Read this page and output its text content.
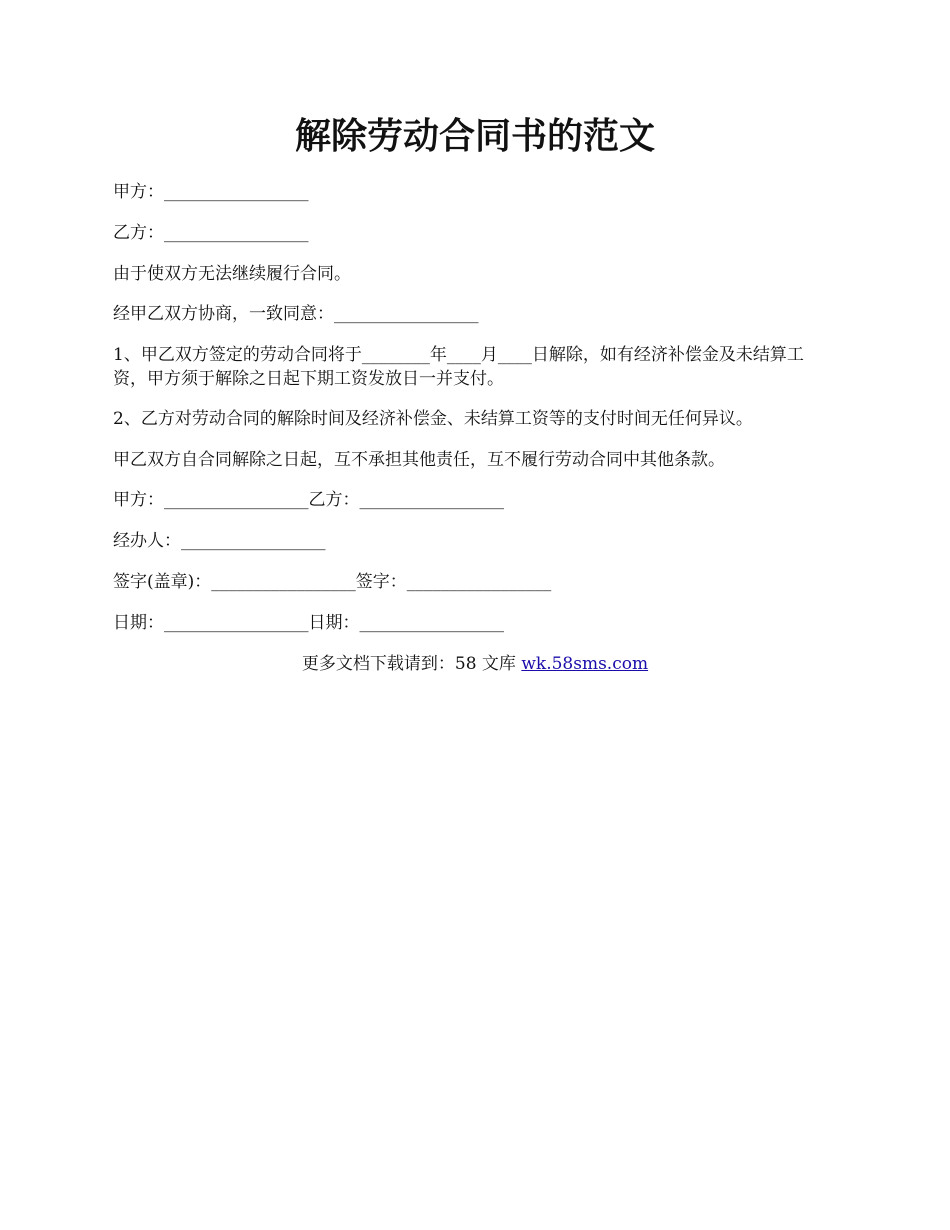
解除劳动合同书的范文

甲方：_________________

乙方：_________________

由于使双方无法继续履行合同。

经甲乙双方协商，一致同意：_________________

1、甲乙双方签定的劳动合同将于________年____月____日解除，如有经济补偿金及未结算工资，甲方须于解除之日起下期工资发放日一并支付。

2、乙方对劳动合同的解除时间及经济补偿金、未结算工资等的支付时间无任何异议。

甲乙双方自合同解除之日起，互不承担其他责任，互不履行劳动合同中其他条款。

甲方：_________________乙方：_________________

经办人：_________________

签字(盖章)：_________________签字：_________________

日期：_________________日期：_________________

更多文档下载请到：58 文库 wk.58sms.com
